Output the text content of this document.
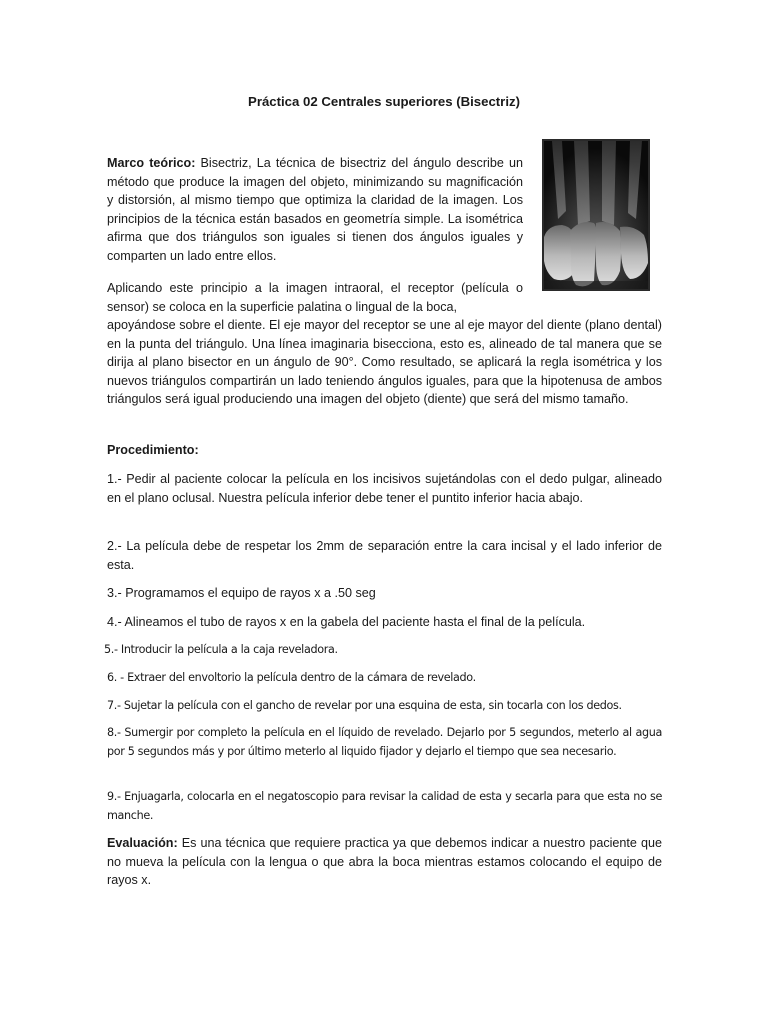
Práctica 02 Centrales superiores (Bisectriz)

Marco teórico: Bisectriz, La técnica de bisectriz del ángulo describe un método que produce la imagen del objeto, minimizando su magnificación y distorsión, al mismo tiempo que optimiza la claridad de la imagen. Los principios de la técnica están basados en geometría simple. La isométrica afirma que dos triángulos son iguales si tienen dos ángulos iguales y comparten un lado entre ellos.

Aplicando este principio a la imagen intraoral, el receptor (película o sensor) se coloca en la superficie palatina o lingual de la boca,

apoyándose sobre el diente. El eje mayor del receptor se une al eje mayor del diente (plano dental) en la punta del triángulo. Una línea imaginaria bisecciona, esto es, alineado de tal manera que se dirija al plano bisector en un ángulo de 90°. Como resultado, se aplicará la regla isométrica y los nuevos triángulos compartirán un lado teniendo ángulos iguales, para que la hipotenusa de ambos triángulos será igual produciendo una imagen del objeto (diente) que será del mismo tamaño.

Procedimiento:

1.- Pedir al paciente colocar la película en los incisivos sujetándolas con el dedo pulgar, alineado en el plano oclusal. Nuestra película inferior debe tener el puntito inferior hacia abajo.

2.- La película debe de respetar los 2mm de separación entre la cara incisal y el lado inferior de esta.

3.- Programamos el equipo de rayos x a .50 seg

4.- Alineamos el tubo de rayos x en la gabela del paciente hasta el final de la película.

5.- Introducir la película a la caja reveladora.

6. - Extraer del envoltorio la película dentro de la cámara de revelado.

7.- Sujetar la película con el gancho de revelar por una esquina de esta, sin tocarla con los dedos.

8.- Sumergir por completo la película en el líquido de revelado. Dejarlo por 5 segundos, meterlo al agua por 5 segundos más y por último meterlo al liquido fijador y dejarlo el tiempo que sea necesario.

9.- Enjuagarla, colocarla en el negatoscopio para revisar la calidad de esta y secarla para que esta no se manche.

Evaluación: Es una técnica que requiere practica ya que debemos indicar a nuestro paciente que no mueva la película con la lengua o que abra la boca mientras estamos colocando el equipo de rayos x.
